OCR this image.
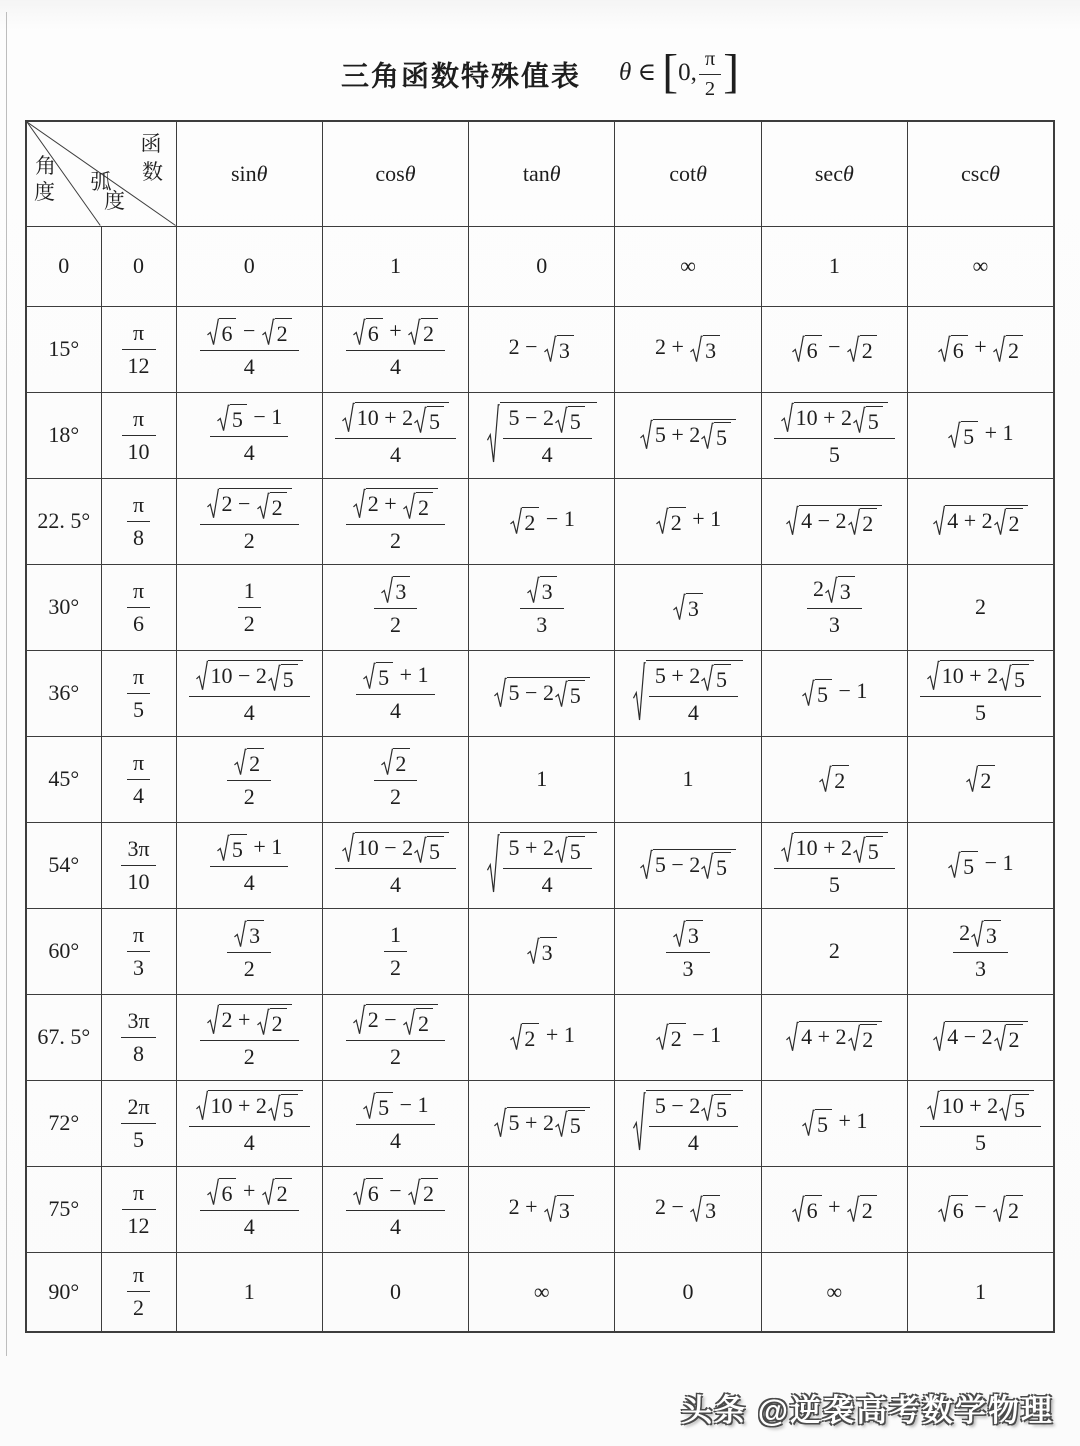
三角函数特殊值表 θ ∈ [0, $\frac{\pi}{2}$ ]
角
度	弧
度
函
数	sinθ	cosθ	tanθ	cotθ	secθ	cscθ
0	0	0	1	0	∞	1	∞
15°	$\frac{\pi}{12}$	$\frac{6 - 2}{4}$	$\frac{6 + 2}{4}$	2 − 3	2 + 3	6 − 2	6 + 2

18°	$\frac{\pi}{10}$	$\frac{5 - 1}{4}$	$\frac{10 + 2 5}{4}$	$\frac{5 - 2 5}{4}$	5 + 2 5	$\frac{10 + 2 5}{5}$	5 + 1
22. 5°	$\frac{\pi}{8}$	$\frac{2 - 2}{2}$	$\frac{2 + 2}{2}$	2 − 1	2 + 1	4 − 2 2	4 + 2 2

30°	$\frac{\pi}{6}$	$\frac{1}{2}$	$\frac{3}{2}$	$\frac{3}{3}$	3	$\frac{2 3}{3}$	2
36°	$\frac{\pi}{5}$	$\frac{10 - 2 5}{4}$	$\frac{5 + 1}{4}$	5 − 2 5	$\frac{5 + 2 5}{4}$	5 − 1	$\frac{10 + 2 5}{5}$

45°	$\frac{\pi}{4}$	$\frac{2}{2}$	$\frac{2}{2}$	1	1	2	2

54°	$\frac{3\pi}{10}$	$\frac{5 + 1}{4}$	$\frac{10 - 2 5}{4}$	$\frac{5 + 2 5}{4}$	5 − 2 5	$\frac{10 + 2 5}{5}$	5 − 1
60°	$\frac{\pi}{3}$	$\frac{3}{2}$	$\frac{1}{2}$	3	$\frac{3}{3}$	2	$\frac{2 3}{3}$

67. 5°	$\frac{3\pi}{8}$	$\frac{2 + 2}{2}$	$\frac{2 - 2}{2}$	2 + 1	2 − 1	4 + 2 2	4 − 2 2

72°	$\frac{2\pi}{5}$	$\frac{10 + 2 5}{4}$	$\frac{5 - 1}{4}$	5 + 2 5	$\frac{5 - 2 5}{4}$	5 + 1	$\frac{10 + 2 5}{5}$

75°	$\frac{\pi}{12}$	$\frac{6 + 2}{4}$	$\frac{6 - 2}{4}$	2 + 3	2 − 3	6 + 2	6 − 2

90°	$\frac{\pi}{2}$	1	0	∞	0	∞	1
头条 @逆袭高考数学物理
